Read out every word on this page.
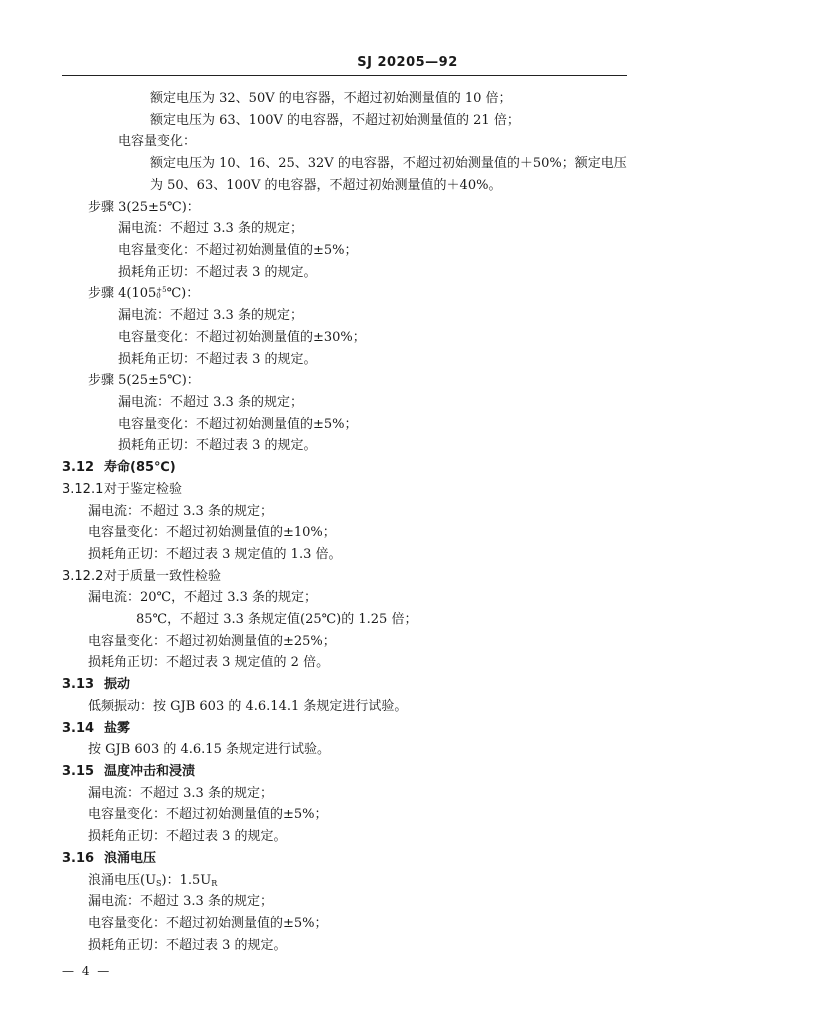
SJ 20205—92
额定电压为 32、50V 的电容器，不超过初始测量值的 10 倍；
额定电压为 63、100V 的电容器，不超过初始测量值的 21 倍；
电容量变化：
额定电压为 10、16、25、32V 的电容器，不超过初始测量值的＋50%；额定电压
为 50、63、100V 的电容器，不超过初始测量值的＋40%。
步骤 3(25±5℃)：
漏电流：不超过 3.3 条的规定；
电容量变化：不超过初始测量值的±5%；
损耗角正切：不超过表 3 的规定。
步骤 4(105+5
0 ℃)：
漏电流：不超过 3.3 条的规定；
电容量变化：不超过初始测量值的±30%；
损耗角正切：不超过表 3 的规定。
步骤 5(25±5℃)：
漏电流：不超过 3.3 条的规定；
电容量变化：不超过初始测量值的±5%；
损耗角正切：不超过表 3 的规定。
3.12 寿命(85℃)
3.12.1对于鉴定检验
漏电流：不超过 3.3 条的规定；
电容量变化：不超过初始测量值的±10%；
损耗角正切：不超过表 3 规定值的 1.3 倍。
3.12.2对于质量一致性检验
漏电流：20℃，不超过 3.3 条的规定；
85℃，不超过 3.3 条规定值(25℃)的 1.25 倍；
电容量变化：不超过初始测量值的±25%；
损耗角正切：不超过表 3 规定值的 2 倍。
3.13 振动
低频振动：按 GJB 603 的 4.6.14.1 条规定进行试验。
3.14 盐雾
按 GJB 603 的 4.6.15 条规定进行试验。
3.15 温度冲击和浸渍
漏电流：不超过 3.3 条的规定；
电容量变化：不超过初始测量值的±5%；
损耗角正切：不超过表 3 的规定。
3.16 浪涌电压
浪涌电压$(U_S)$：$1.5U_R$
漏电流：不超过 3.3 条的规定；
电容量变化：不超过初始测量值的±5%；
损耗角正切：不超过表 3 的规定。
— 4 —
